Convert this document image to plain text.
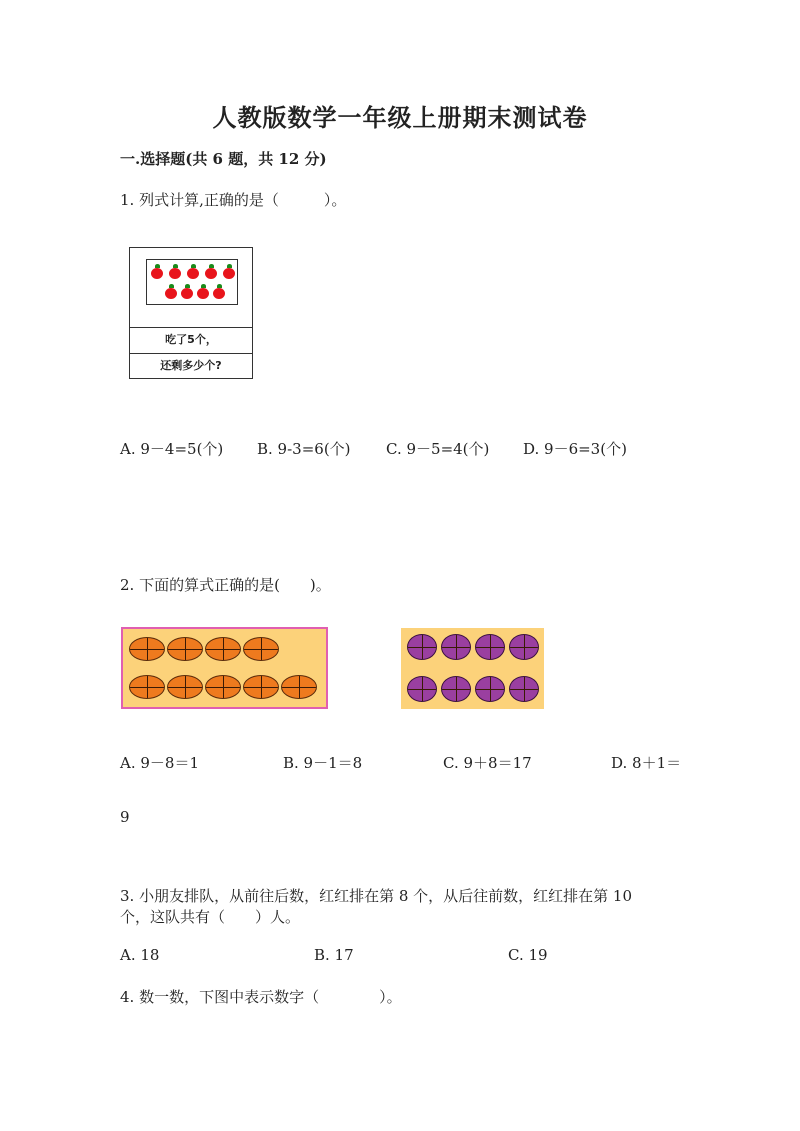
人教版数学一年级上册期末测试卷
一.选择题(共 6 题，共 12 分)
1. 列式计算,正确的是（　　　）。
吃了5个，
还剩多少个?
A. 9－4=5(个) B. 9-3=6(个) C. 9－5=4(个) D. 9－6=3(个)
2. 下面的算式正确的是(　　)。
A. 9－8＝1	B. 9－1＝8	C. 9＋8＝17	D. 8＋1＝
9
3. 小朋友排队，从前往后数，红红排在第 8 个，从后往前数，红红排在第 10
个，这队共有（　　）人。
A. 18	B. 17	C. 19
4. 数一数，下图中表示数字（　　　　）。
